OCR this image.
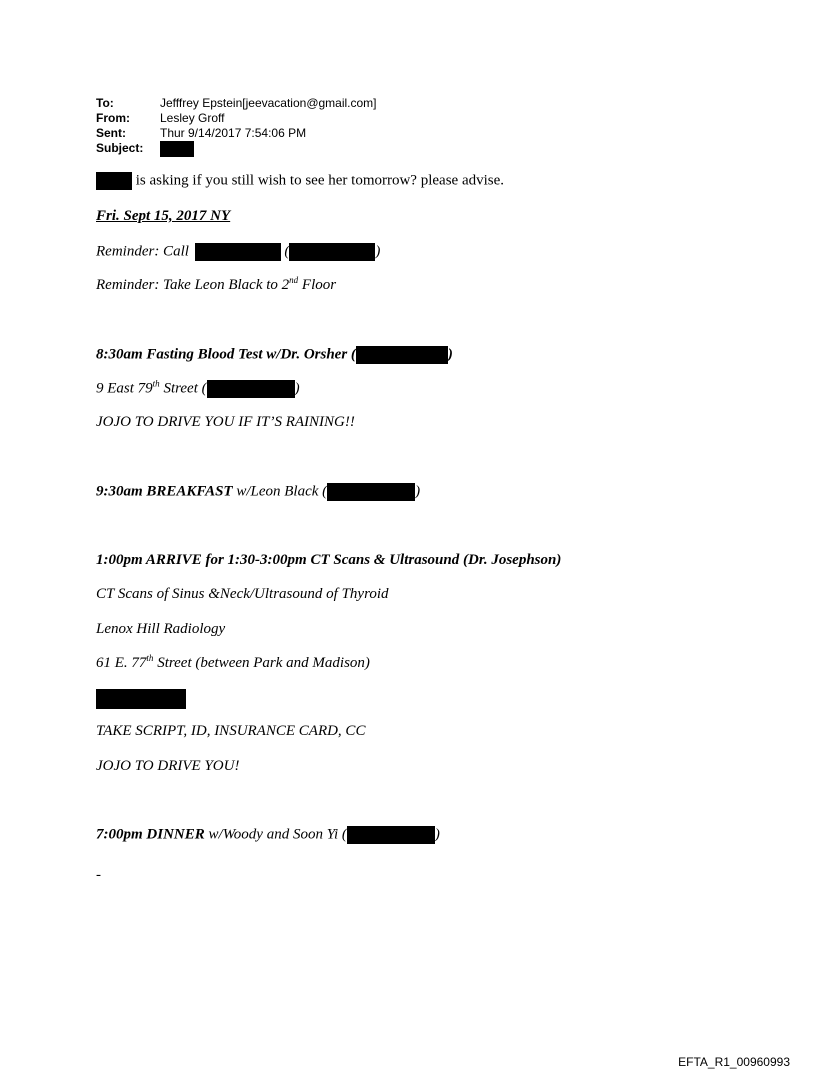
To:	Jefffrey Epstein[jeevacation@gmail.com]
From:	Lesley Groff
Sent:	Thur 9/14/2017 7:54:06 PM
Subject:
is asking if you still wish to see her tomorrow? please advise.
Fri. Sept 15, 2017 NY
Reminder: Call	(	)
Reminder: Take Leon Black to 2nd Floor
8:30am Fasting Blood Test w/Dr. Orsher (	)
9 East 79th Street (	)
JOJO TO DRIVE YOU IF IT’S RAINING!!
9:30am BREAKFAST w/Leon Black (	)
1:00pm ARRIVE for 1:30-3:00pm CT Scans & Ultrasound (Dr. Josephson)
CT Scans of Sinus &Neck/Ultrasound of Thyroid
Lenox Hill Radiology
61 E. 77th Street (between Park and Madison)
TAKE SCRIPT, ID, INSURANCE CARD, CC
JOJO TO DRIVE YOU!
7:00pm DINNER w/Woody and Soon Yi (	)
-
EFTA_R1_00960993
